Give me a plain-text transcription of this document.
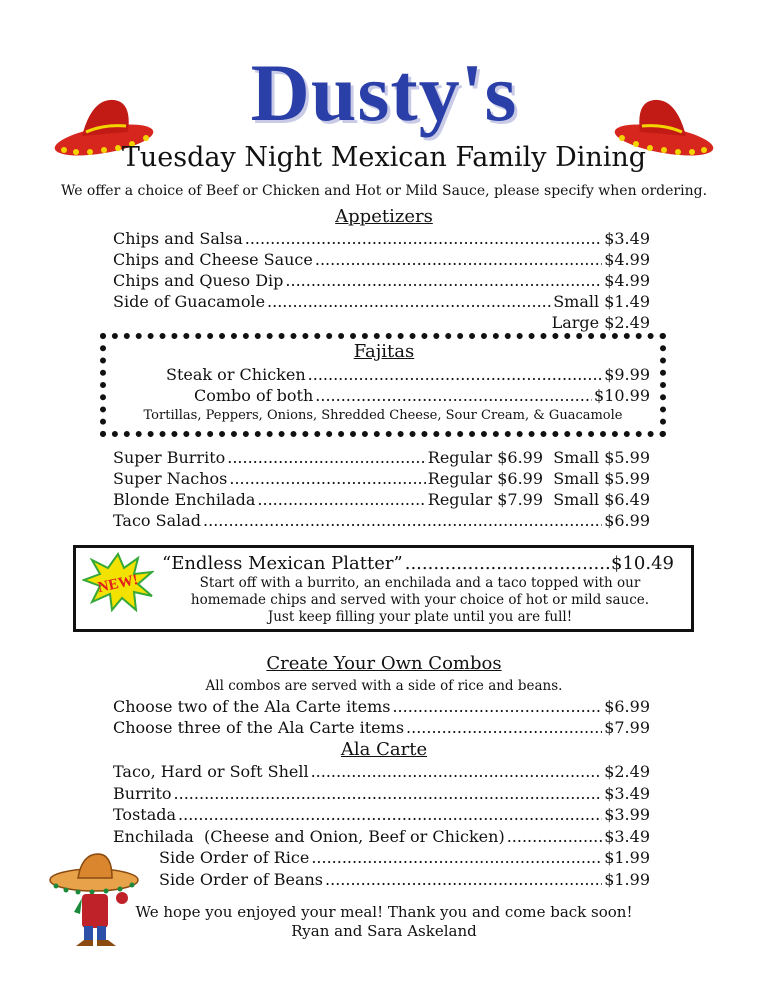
Dusty's
Tuesday Night Mexican Family Dining
We offer a choice of Beef or Chicken and Hot or Mild Sauce, please specify when ordering.
Appetizers
Chips and Salsa .....	$3.49
Chips and Cheese Sauce .....	$4.99
Chips and Queso Dip .....	$4.99
Side of Guacamole .....	Small $1.49
Large $2.49
Fajitas
Steak or Chicken .....	$9.99
Combo of both .....	$10.99
Tortillas, Peppers, Onions, Shredded Cheese, Sour Cream, & Guacamole
Super Burrito .....	Regular $6.99  Small $5.99
Super Nachos .....	Regular $6.99  Small $5.99
Blonde Enchilada .....	Regular $7.99  Small $6.49
Taco Salad .....	$6.99
NEW!
“Endless Mexican Platter” .....	$10.49
Start off with a burrito, an enchilada and a taco topped with our
homemade chips and served with your choice of hot or mild sauce.
Just keep filling your plate until you are full!
Create Your Own Combos
All combos are served with a side of rice and beans.
Choose two of the Ala Carte items .....	$6.99
Choose three of the Ala Carte items .....	$7.99
Ala Carte
Taco, Hard or Soft Shell .....	$2.49
Burrito .....	$3.49
Tostada .....	$3.99
Enchilada  (Cheese and Onion, Beef or Chicken) .....	$3.49
Side Order of Rice .....	$1.99
Side Order of Beans .....	$1.99
We hope you enjoyed your meal! Thank you and come back soon!
Ryan and Sara Askeland
